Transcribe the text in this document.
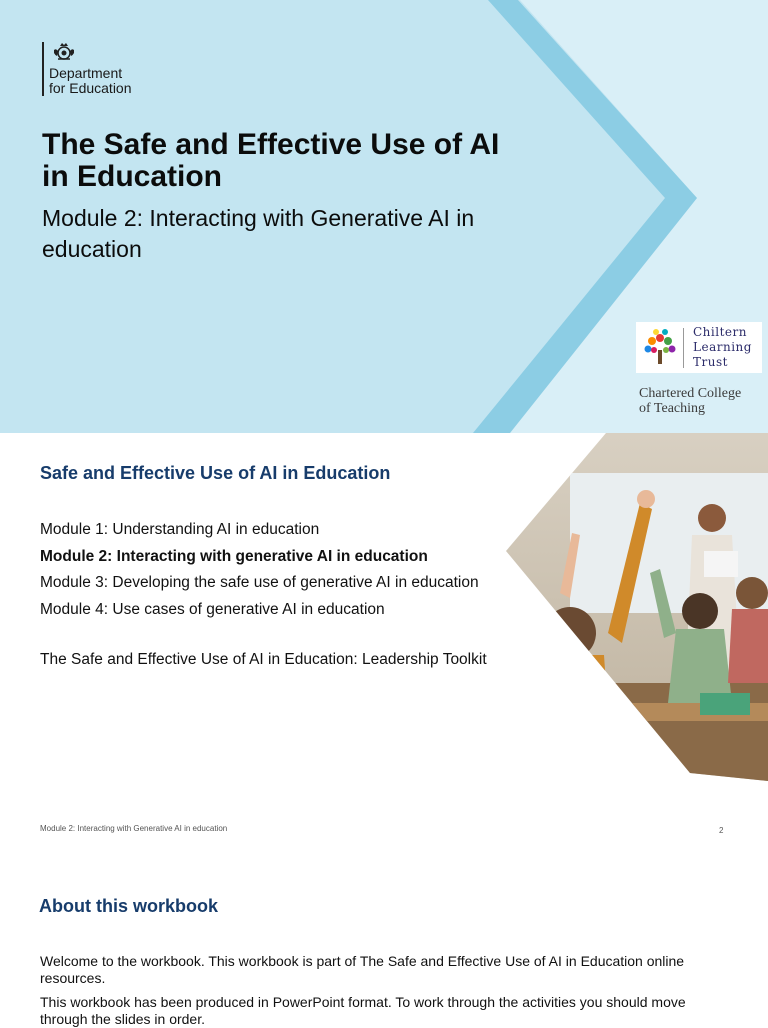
Department
for Education
The Safe and Effective Use of AI in Education

Module 2: Interacting with Generative AI in education

Chiltern
Learning
Trust
Chartered College
of Teaching
Safe and Effective Use of AI in Education
Module 1: Understanding AI in education
Module 2: Interacting with generative AI in education
Module 3: Developing the safe use of generative AI in education
Module 4: Use cases of generative AI in education
The Safe and Effective Use of AI in Education: Leadership Toolkit
Module 2: Interacting with Generative AI in education	2
About this workbook

Welcome to the workbook. This workbook is part of The Safe and Effective Use of AI in Education online resources.

This workbook has been produced in PowerPoint format. To work through the activities you should move through the slides in order.
